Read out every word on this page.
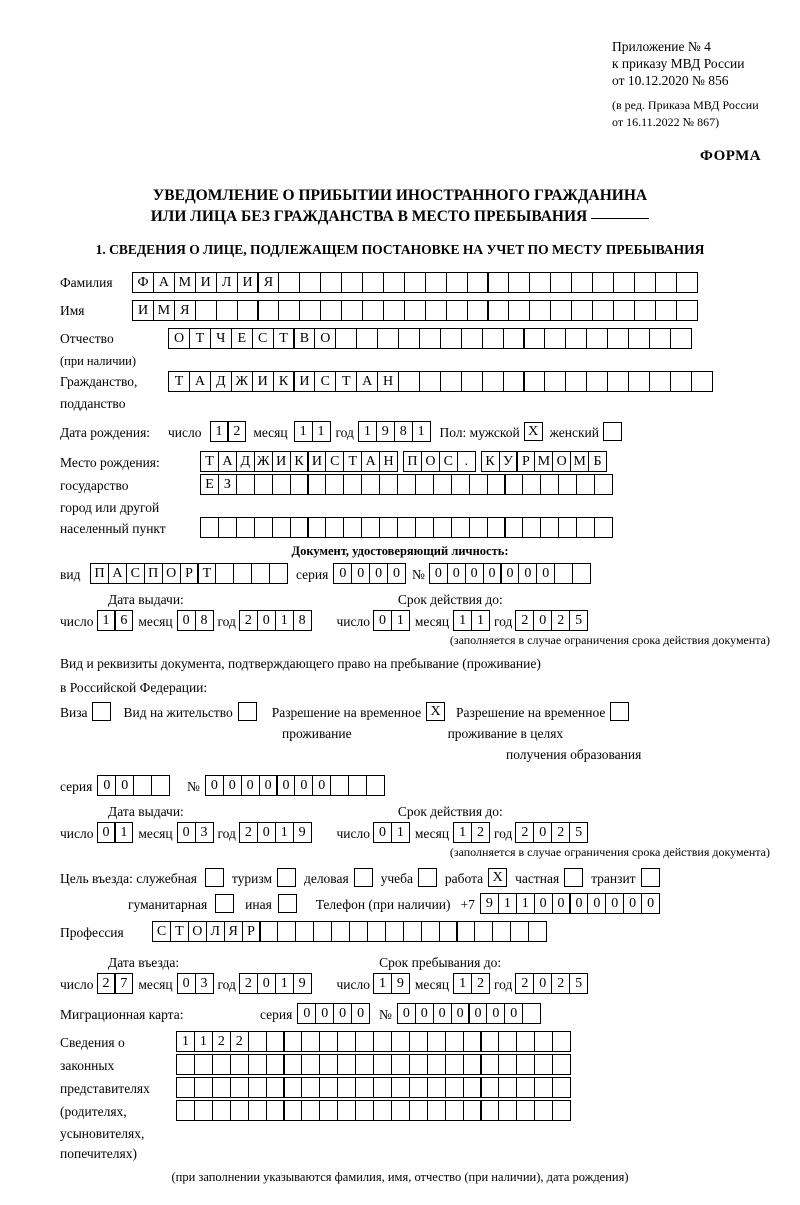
Приложение № 4
к приказу МВД России
от 10.12.2020 № 856
(в ред. Приказа МВД России
от 16.11.2022 № 867)
ФОРМА
УВЕДОМЛЕНИЕ О ПРИБЫТИИ ИНОСТРАННОГО ГРАЖДАНИНА
ИЛИ ЛИЦА БЕЗ ГРАЖДАНСТВА В МЕСТО ПРЕБЫВАНИЯ
1. СВЕДЕНИЯ О ЛИЦЕ, ПОДЛЕЖАЩЕМ ПОСТАНОВКЕ НА УЧЕТ ПО МЕСТУ ПРЕБЫВАНИЯ
Фамилия	Ф А М И Л И Я
Имя	И М Я
Отчество	О Т Ч Е С Т В О
(при наличии)
Гражданство,	Т А Д Ж И К И С Т А Н
подданство
Дата рождения:	число	1 2 месяц 1 1 год 1 9 8 1	Пол: мужской X женский
Место рождения:	Т А Д Ж И К И С Т А Н П О С .	К У Р М О М Б
государство	Е З
город или другой
населенный пункт
Документ, удостоверяющий личность:
вид П А С П О Р Т	серия 0 0 0 0 № 0 0 0 0 0 0 0
Дата выдачи:	Срок действия до:
число 1 6 месяц 0 8 год 2 0 1 8	число 0 1 месяц 1 1 год 2 0 2 5
(заполняется в случае ограничения срока действия документа)
Вид и реквизиты документа, подтверждающего право на пребывание (проживание)
в Российской Федерации:
Виза	Вид на жительство	Разрешение на временное X	Разрешение на временное
проживание	проживание в целях
получения образования
серия 0 0	№ 0 0 0 0 0 0 0
Дата выдачи:	Срок действия до:
число 0 1 месяц 0 3 год 2 0 1 9	число 0 1 месяц 1 2 год 2 0 2 5
(заполняется в случае ограничения срока действия документа)
Цель въезда: служебная	туризм деловая учеба работа X частная транзит
гуманитарная	иная	Телефон (при наличии) +7 9 1 1 0 0 0 0 0 0 0
Профессия	С Т О Л Я Р
Дата въезда:	Срок пребывания до:
число 2 7 месяц 0 3 год 2 0 1 9	число 1 9 месяц 1 2 год 2 0 2 5
Миграционная карта:	серия 0 0 0 0	№ 0 0 0 0 0 0 0
Сведения о	1 1 2 2
законных
представителях
(родителях,
усыновителях,
попечителях)
(при заполнении указываются фамилия, имя, отчество (при наличии), дата рождения)
